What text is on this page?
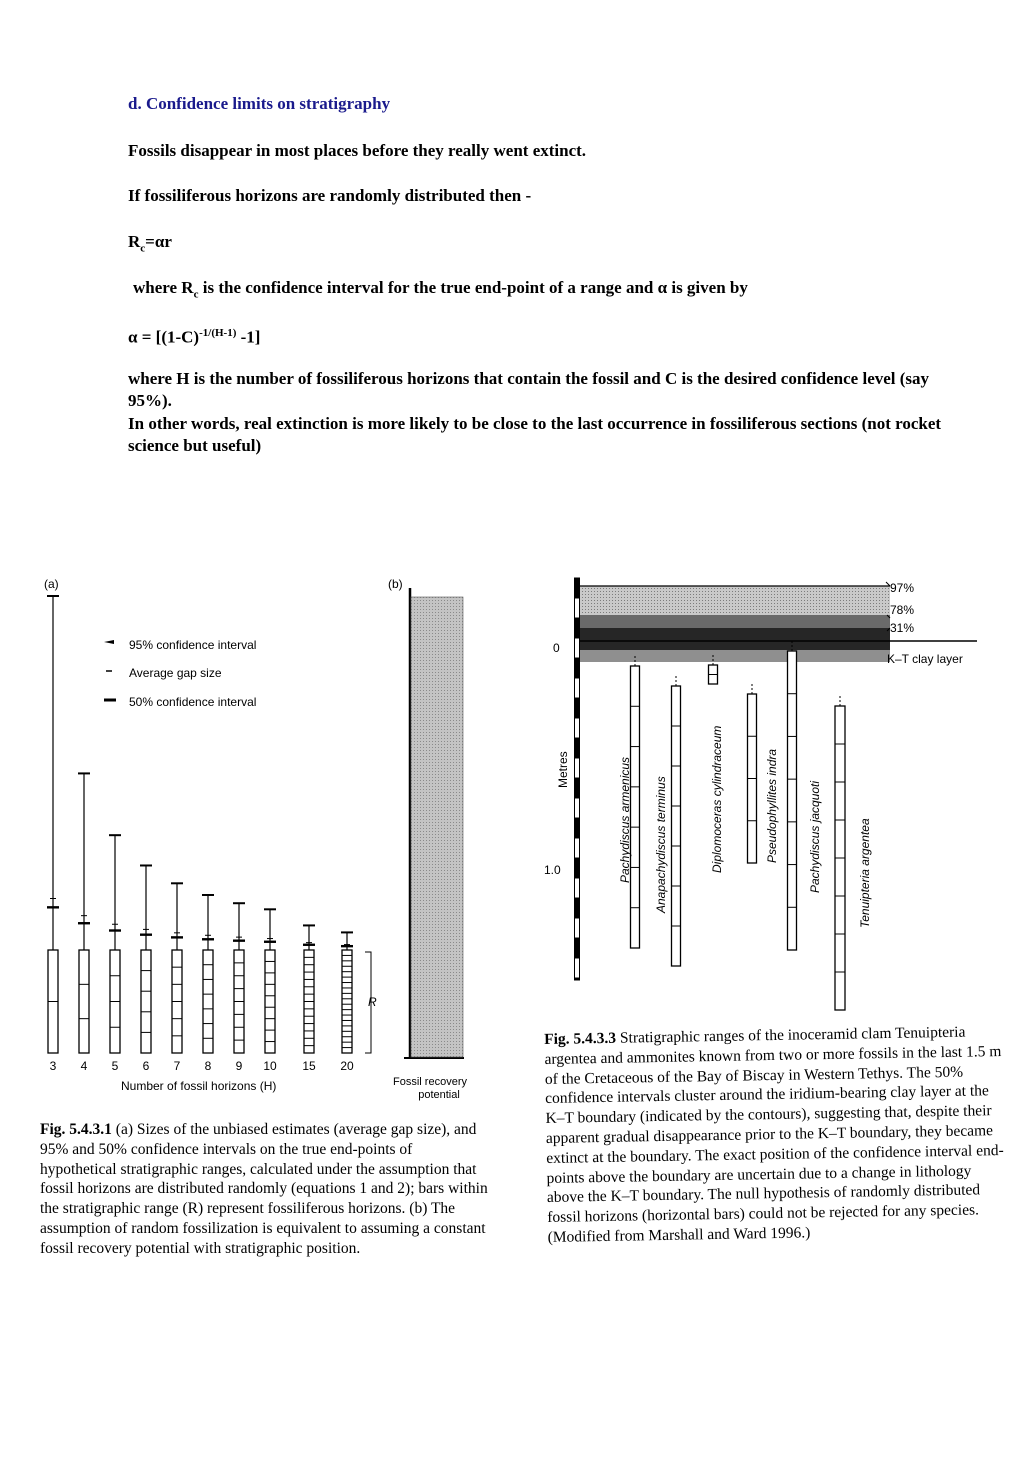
d. Confidence limits on stratigraphy
Fossils disappear in most places before they really went extinct.
If fossiliferous horizons are randomly distributed then -
$R_c=\alpha r$
where $R_c$ is the confidence interval for the true end-point of a range and α is given by
$\alpha = [(1-C)^{-1/(H-1)}$ -1]
where H is the number of fossiliferous horizons that contain the fossil and C is the desired confidence level (say 95%).
In other words, real extinction is more likely to be close to the last occurrence in fossiliferous sections (not rocket science but useful)
(a)	(b)
95% confidence interval
Average gap size
50% confidence interval
3 4 5 6 7 8 9 10 15 20
R
Number of fossil horizons (H)	Fossil recovery
potential
97%
78%
31%
K–T clay layer
0
1.0
Metres	Pachydiscus armenicus Anapachydiscus terminus	Diplomoceras cylindraceum	Pseudophyllites indra Pachydiscus jacquoti	Tenuipteria argentea
Fig. 5.4.3.1 (a) Sizes of the unbiased estimates (average gap size), and 95% and 50% confidence intervals on the true end-points of hypothetical stratigraphic ranges, calculated under the assumption that fossil horizons are distributed randomly (equations 1 and 2); bars within the stratigraphic range (R) represent fossiliferous horizons. (b) The assumption of random fossilization is equivalent to assuming a constant fossil recovery potential with stratigraphic position.
Fig. 5.4.3.3 Stratigraphic ranges of the inoceramid clam Tenuipteria argentea and ammonites known from two or more fossils in the last 1.5 m of the Cretaceous of the Bay of Biscay in Western Tethys. The 50% confidence intervals cluster around the iridium-bearing clay layer at the K–T boundary (indicated by the contours), suggesting that, despite their apparent gradual disappearance prior to the K–T boundary, they became extinct at the boundary. The exact position of the confidence interval end-points above the boundary are uncertain due to a change in lithology above the K–T boundary. The null hypothesis of randomly distributed fossil horizons (horizontal bars) could not be rejected for any species. (Modified from Marshall and Ward 1996.)
